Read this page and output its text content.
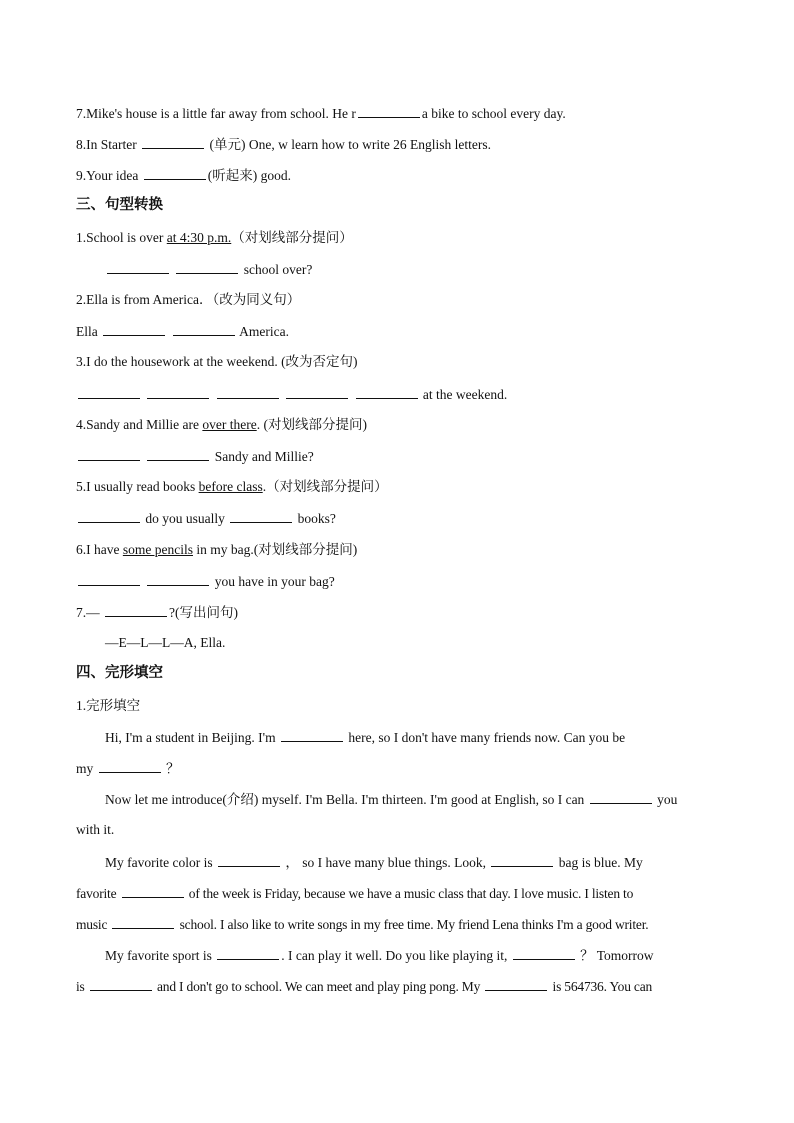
7.Mike's house is a little far away from school. He r	a bike to school every day.
8.In Starter	(单元) One, w learn how to write 26 English letters.
9.Your idea	(听起来) good.
三、句型转换
1.School is over at 4:30 p.m.（对划线部分提问）
school over?
2.Ella is from America．（改为同义句）
Ella	America.
3.I do the housework at the weekend. (改为否定句)
at the weekend.
4.Sandy and Millie are over there. (对划线部分提问)
Sandy and Millie?
5.I usually read books before class.（对划线部分提问）
do you usually	books?
6.I have some pencils in my bag.(对划线部分提问)
you have in your bag?
7.—	?(写出问句)
—E—L—L—A, Ella.
四、完形填空
1.完形填空
Hi, I'm a student in Beijing. I'm	here, so I don't have many friends now. Can you be
my	？
Now let me introduce(介绍) myself. I'm Bella. I'm thirteen. I'm good at English, so I can	you
with it.
My favorite color is	， so I have many blue things. Look,	bag is blue. My
favorite	of the week is Friday, because we have a music class that day. I love music. I listen to
music	school. I also like to write songs in my free time. My friend Lena thinks I'm a good writer.
My favorite sport is	. I can play it well. Do you like playing it,	？ Tomorrow
is	and I don't go to school. We can meet and play ping pong. My	is 564736. You can
